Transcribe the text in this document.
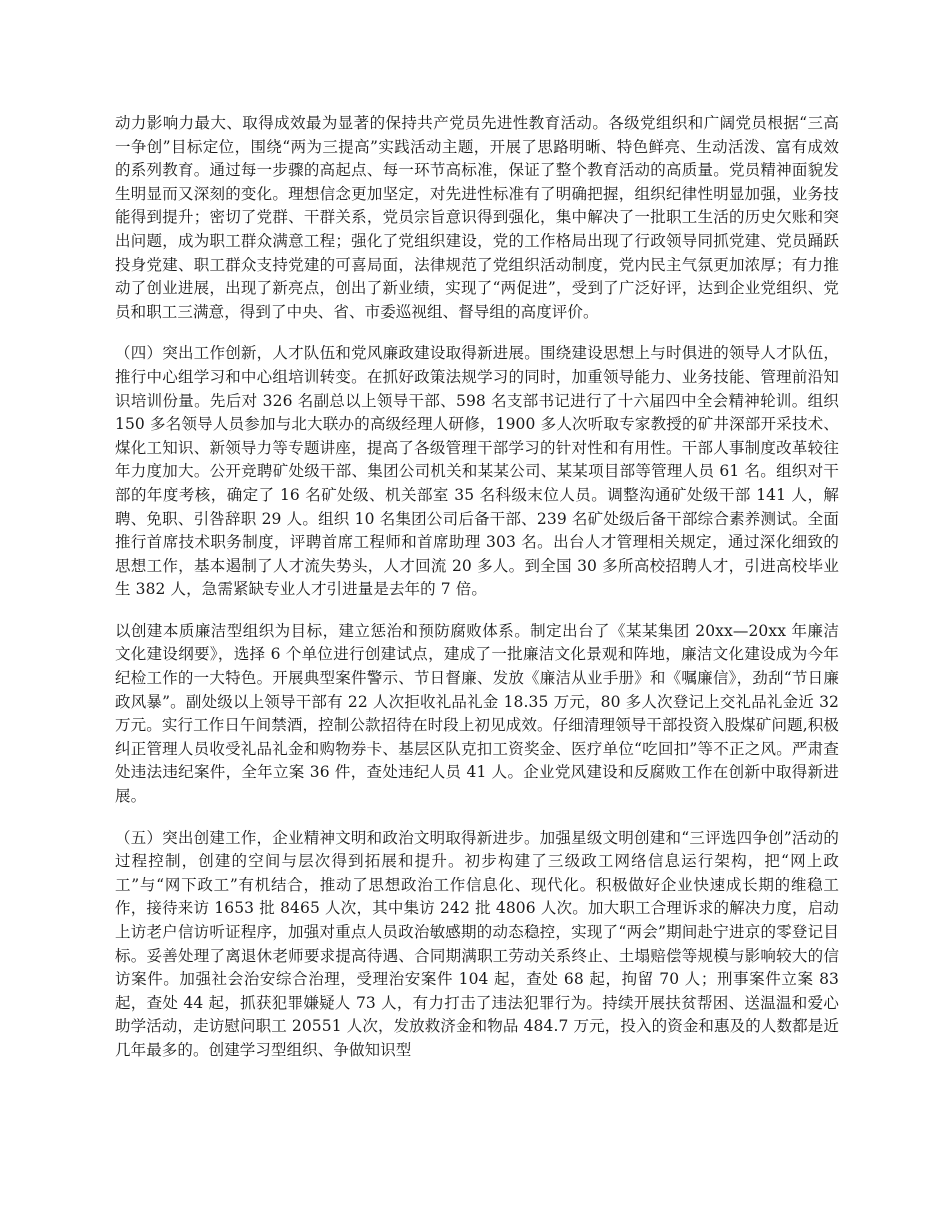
动力影响力最大、取得成效最为显著的保持共产党员先进性教育活动。各级党组织和广阔党员根据“三高一争创”目标定位，围绕“两为三提高”实践活动主题，开展了思路明晰、特色鲜亮、生动活泼、富有成效的系列教育。通过每一步骤的高起点、每一环节高标准，保证了整个教育活动的高质量。党员精神面貌发生明显而又深刻的变化。理想信念更加坚定，对先进性标准有了明确把握，组织纪律性明显加强，业务技能得到提升；密切了党群、干群关系，党员宗旨意识得到强化，集中解决了一批职工生活的历史欠账和突出问题，成为职工群众满意工程；强化了党组织建设，党的工作格局出现了行政领导同抓党建、党员踊跃投身党建、职工群众支持党建的可喜局面，法律规范了党组织活动制度，党内民主气氛更加浓厚；有力推动了创业进展，出现了新亮点，创出了新业绩，实现了“两促进”，受到了广泛好评，达到企业党组织、党员和职工三满意，得到了中央、省、市委巡视组、督导组的高度评价。

（四）突出工作创新，人才队伍和党风廉政建设取得新进展。围绕建设思想上与时俱进的领导人才队伍，推行中心组学习和中心组培训转变。在抓好政策法规学习的同时，加重领导能力、业务技能、管理前沿知识培训份量。先后对 326 名副总以上领导干部、598 名支部书记进行了十六届四中全会精神轮训。组织 150 多名领导人员参加与北大联办的高级经理人研修，1900 多人次听取专家教授的矿井深部开采技术、煤化工知识、新领导力等专题讲座，提高了各级管理干部学习的针对性和有用性。干部人事制度改革较往年力度加大。公开竞聘矿处级干部、集团公司机关和某某公司、某某项目部等管理人员 61 名。组织对干部的年度考核，确定了 16 名矿处级、机关部室 35 名科级末位人员。调整沟通矿处级干部 141 人，解聘、免职、引咎辞职 29 人。组织 10 名集团公司后备干部、239 名矿处级后备干部综合素养测试。全面推行首席技术职务制度，评聘首席工程师和首席助理 303 名。出台人才管理相关规定，通过深化细致的思想工作，基本遏制了人才流失势头，人才回流 20 多人。到全国 30 多所高校招聘人才，引进高校毕业生 382 人，急需紧缺专业人才引进量是去年的 7 倍。

以创建本质廉洁型组织为目标，建立惩治和预防腐败体系。制定出台了《某某集团 20xx—20xx 年廉洁文化建设纲要》，选择 6 个单位进行创建试点，建成了一批廉洁文化景观和阵地，廉洁文化建设成为今年纪检工作的一大特色。开展典型案件警示、节日督廉、发放《廉洁从业手册》和《嘱廉信》，劲刮“节日廉政风暴”。副处级以上领导干部有 22 人次拒收礼品礼金 18.35 万元，80 多人次登记上交礼品礼金近 32 万元。实行工作日午间禁酒，控制公款招待在时段上初见成效。仔细清理领导干部投资入股煤矿问题,积极纠正管理人员收受礼品礼金和购物券卡、基层区队克扣工资奖金、医疗单位“吃回扣”等不正之风。严肃查处违法违纪案件，全年立案 36 件，查处违纪人员 41 人。企业党风建设和反腐败工作在创新中取得新进展。

（五）突出创建工作，企业精神文明和政治文明取得新进步。加强星级文明创建和“三评选四争创”活动的过程控制，创建的空间与层次得到拓展和提升。初步构建了三级政工网络信息运行架构，把“网上政工”与“网下政工”有机结合，推动了思想政治工作信息化、现代化。积极做好企业快速成长期的维稳工作，接待来访 1653 批 8465 人次，其中集访 242 批 4806 人次。加大职工合理诉求的解决力度，启动上访老户信访听证程序，加强对重点人员政治敏感期的动态稳控，实现了“两会”期间赴宁进京的零登记目标。妥善处理了离退休老师要求提高待遇、合同期满职工劳动关系终止、土塌赔偿等规模与影响较大的信访案件。加强社会治安综合治理，受理治安案件 104 起，查处 68 起，拘留 70 人；刑事案件立案 83 起，查处 44 起，抓获犯罪嫌疑人 73 人，有力打击了违法犯罪行为。持续开展扶贫帮困、送温温和爱心助学活动，走访慰问职工 20551 人次，发放救济金和物品 484.7 万元，投入的资金和惠及的人数都是近几年最多的。创建学习型组织、争做知识型
